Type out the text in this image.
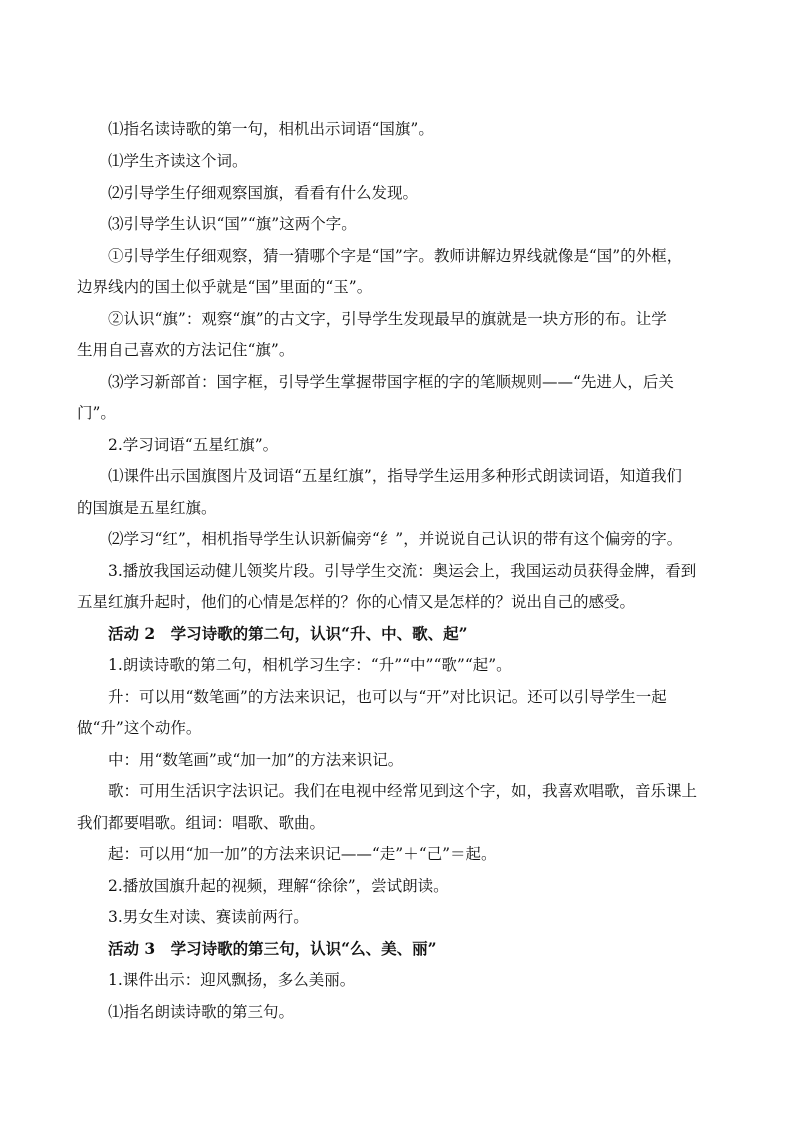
⑴指名读诗歌的第一句，相机出示词语“国旗”。
⑴学生齐读这个词。
⑵引导学生仔细观察国旗，看看有什么发现。
⑶引导学生认识“国”“旗”这两个字。
①引导学生仔细观察，猜一猜哪个字是“国”字。教师讲解边界线就像是“国”的外框，
边界线内的国土似乎就是“国”里面的“玉”。
②认识“旗”：观察“旗”的古文字，引导学生发现最早的旗就是一块方形的布。让学
生用自己喜欢的方法记住“旗”。
⑶学习新部首：国字框，引导学生掌握带国字框的字的笔顺规则——“先进人，后关
门”。
2.学习词语“五星红旗”。
⑴课件出示国旗图片及词语“五星红旗”，指导学生运用多种形式朗读词语，知道我们
的国旗是五星红旗。
⑵学习“红”，相机指导学生认识新偏旁“纟”，并说说自己认识的带有这个偏旁的字。
3.播放我国运动健儿领奖片段。引导学生交流：奥运会上，我国运动员获得金牌，看到
五星红旗升起时，他们的心情是怎样的？你的心情又是怎样的？说出自己的感受。
活动 2　学习诗歌的第二句，认识“升、中、歌、起”
1.朗读诗歌的第二句，相机学习生字：“升”“中”“歌”“起”。
升：可以用“数笔画”的方法来识记，也可以与“开”对比识记。还可以引导学生一起
做“升”这个动作。
中：用“数笔画”或“加一加”的方法来识记。
歌：可用生活识字法识记。我们在电视中经常见到这个字，如，我喜欢唱歌，音乐课上
我们都要唱歌。组词：唱歌、歌曲。
起：可以用“加一加”的方法来识记——“走”＋“己”＝起。
2.播放国旗升起的视频，理解“徐徐”，尝试朗读。
3.男女生对读、赛读前两行。
活动 3　学习诗歌的第三句，认识“么、美、丽”
1.课件出示：迎风飘扬，多么美丽。
⑴指名朗读诗歌的第三句。
